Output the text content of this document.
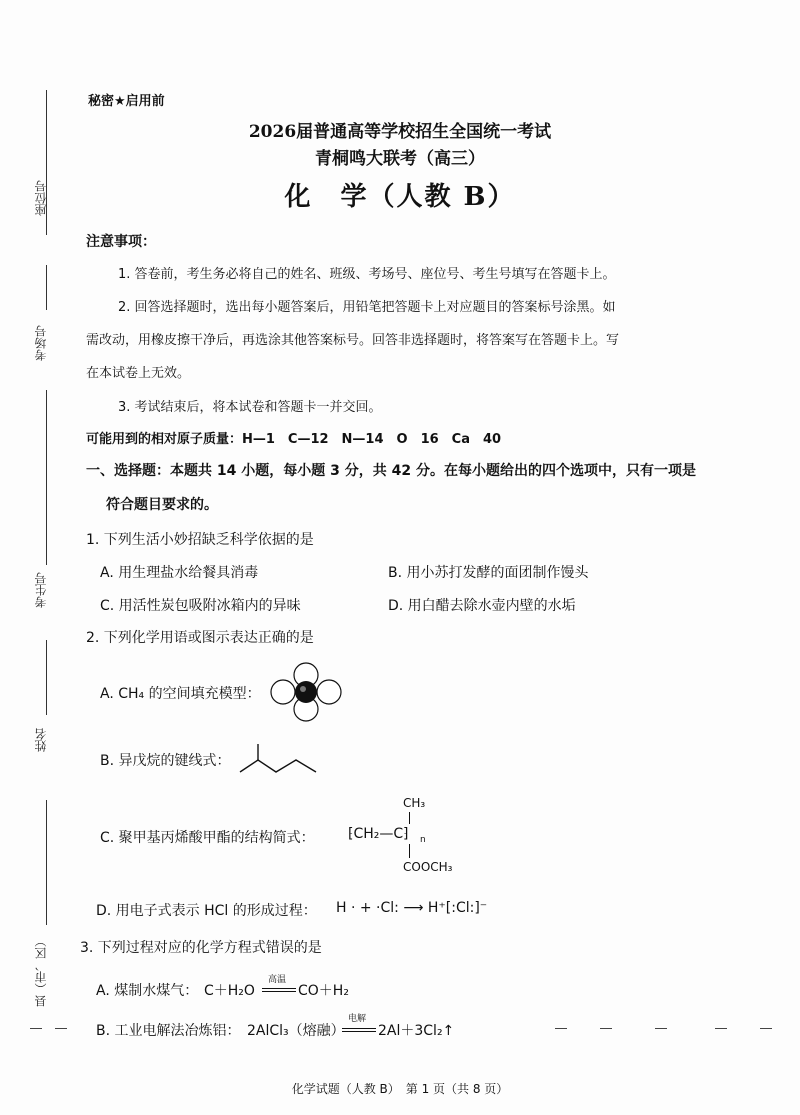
座位号
考场号
考生号
姓名
县（市、区）
秘密★启用前
2026届普通高等学校招生全国统一考试
青桐鸣大联考（高三）
化　学（人教 B）
注意事项：
1. 答卷前，考生务必将自己的姓名、班级、考场号、座位号、考生号填写在答题卡上。
2. 回答选择题时，选出每小题答案后，用铅笔把答题卡上对应题目的答案标号涂黑。如
需改动，用橡皮擦干净后，再选涂其他答案标号。回答非选择题时，将答案写在答题卡上。写
在本试卷上无效。
3. 考试结束后，将本试卷和答题卡一并交回。
可能用到的相对原子质量：H—1　C—12　N—14　O　16　Ca　40
一、选择题：本题共 14 小题，每小题 3 分，共 42 分。在每小题给出的四个选项中，只有一项是
符合题目要求的。
1. 下列生活小妙招缺乏科学依据的是
A. 用生理盐水给餐具消毒	B. 用小苏打发酵的面团制作馒头
C. 用活性炭包吸附冰箱内的异味	D. 用白醋去除水壶内壁的水垢
2. 下列化学用语或图示表达正确的是
A. CH₄ 的空间填充模型：
B. 异戊烷的键线式：
C. 聚甲基丙烯酸甲酯的结构简式：
CH₃
⁅CH₂—C⁆ n
COOCH₃
D. 用电子式表示 HCl 的形成过程： H · + ·Cl: ⟶ H⁺[:Cl:]⁻
3. 下列过程对应的化学方程式错误的是
A. 煤制水煤气： C＋H₂O
高温
CO＋H₂
B. 工业电解法冶炼铝： 2AlCl₃（熔融）
电解
2Al＋3Cl₂↑
化学试题（人教 B）　第 1 页（共 8 页）
